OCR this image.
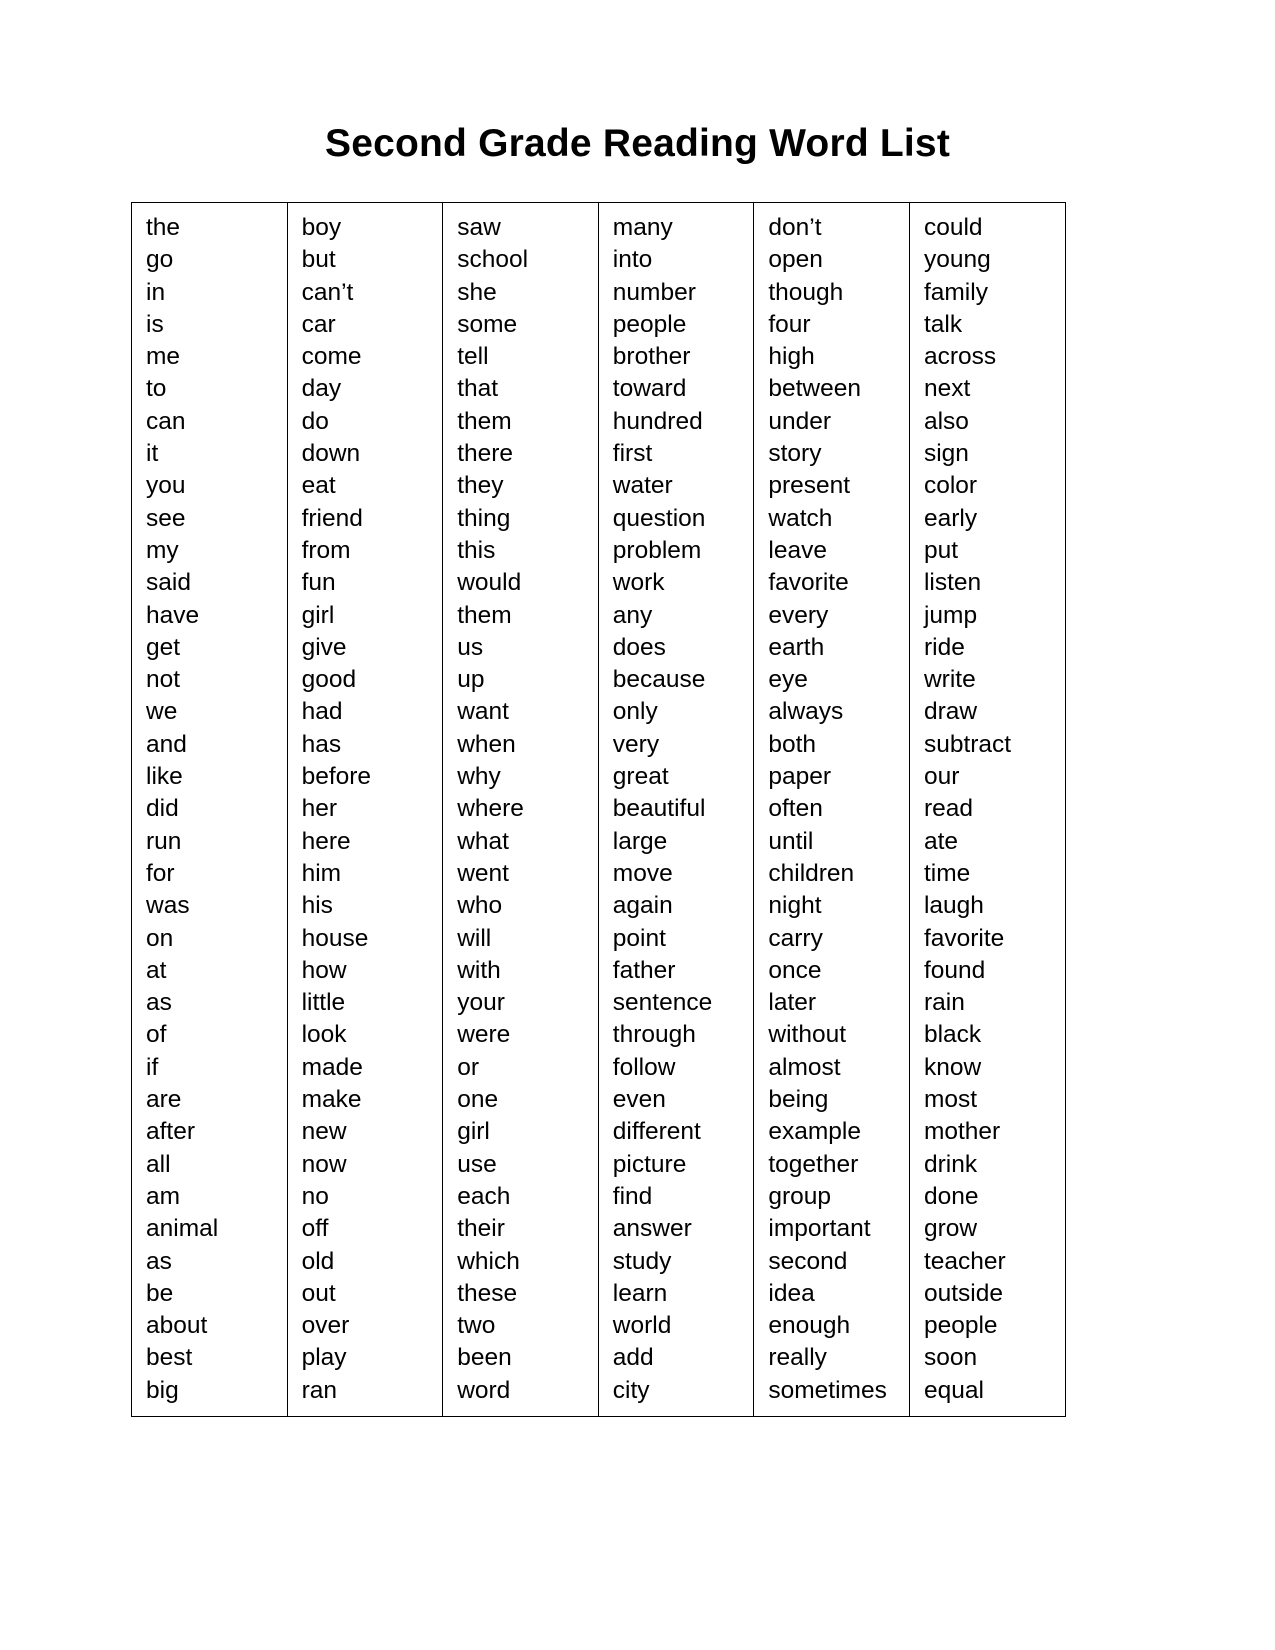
Second Grade Reading Word List
the	boy	saw	many	don’t	could

go	but	school	into	open	young

in	can’t	she	number	though	family

is	car	some	people	four	talk

me	come	tell	brother	high	across

to	day	that	toward	between	next

can	do	them	hundred	under	also

it	down	there	first	story	sign

you	eat	they	water	present	color

see	friend	thing	question	watch	early

my	from	this	problem	leave	put

said	fun	would	work	favorite	listen

have	girl	them	any	every	jump

get	give	us	does	earth	ride

not	good	up	because	eye	write

we	had	want	only	always	draw

and	has	when	very	both	subtract

like	before	why	great	paper	our

did	her	where	beautiful	often	read

run	here	what	large	until	ate

for	him	went	move	children	time

was	his	who	again	night	laugh

on	house	will	point	carry	favorite

at	how	with	father	once	found

as	little	your	sentence	later	rain

of	look	were	through	without	black

if	made	or	follow	almost	know

are	make	one	even	being	most

after	new	girl	different	example	mother

all	now	use	picture	together	drink

am	no	each	find	group	done

animal	off	their	answer	important	grow

as	old	which	study	second	teacher

be	out	these	learn	idea	outside

about	over	two	world	enough	people

best	play	been	add	really	soon

big	ran	word	city	sometimes	equal
